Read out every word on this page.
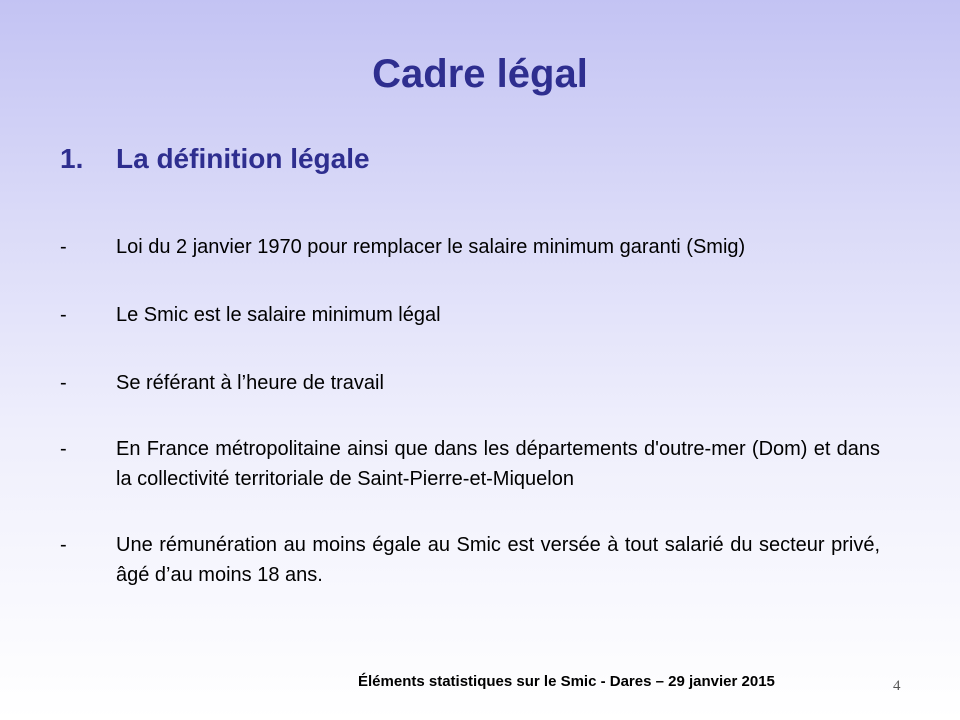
Cadre légal
1. La définition légale
- Loi du 2 janvier 1970 pour remplacer le salaire minimum garanti (Smig)
- Le Smic est le salaire minimum légal
- Se référant à l’heure de travail
- En France métropolitaine ainsi que dans les départements d'outre-mer (Dom) et dans la collectivité territoriale de Saint-Pierre-et-Miquelon
- Une rémunération au moins égale au Smic est versée à tout salarié du secteur privé, âgé d’au moins 18 ans.
Éléments statistiques sur le Smic - Dares – 29 janvier 2015	4
